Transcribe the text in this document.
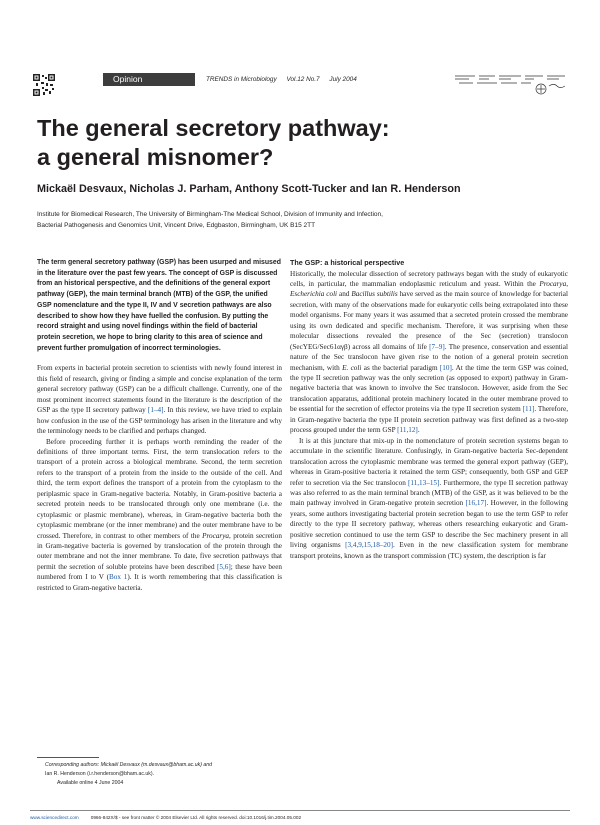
Opinion	TRENDS in Microbiology Vol.12 No.7 July 2004
The general secretory pathway:
a general misnomer?
Mickaël Desvaux, Nicholas J. Parham, Anthony Scott-Tucker and Ian R. Henderson
Institute for Biomedical Research, The University of Birmingham-The Medical School, Division of Immunity and Infection,
Bacterial Pathogenesis and Genomics Unit, Vincent Drive, Edgbaston, Birmingham, UK B15 2TT

The term general secretory pathway (GSP) has been usurped and misused in the literature over the past few years. The concept of GSP is discussed from an historical perspective, and the definitions of the general export pathway (GEP), the main terminal branch (MTB) of the GSP, the unified GSP nomenclature and the type II, IV and V secretion pathways are also described to show how they have fuelled the confusion. By putting the record straight and using novel findings within the field of bacterial protein secretion, we hope to bring clarity to this area of science and prevent further promulgation of incorrect terminologies.

From experts in bacterial protein secretion to scientists with newly found interest in this field of research, giving or finding a simple and concise explanation of the term general secretory pathway (GSP) can be a difficult challenge. Currently, one of the most prominent incorrect statements found in the literature is the description of the GSP as the type II secretory pathway [1–4]. In this review, we have tried to explain how confusion in the use of the GSP terminology has arisen in the literature and why the terminology needs to be clarified and perhaps changed.

Before proceeding further it is perhaps worth reminding the reader of the definitions of three important terms. First, the term translocation refers to the transport of a protein across a biological membrane. Second, the term secretion refers to the transport of a protein from the inside to the outside of the cell. And third, the term export defines the transport of a protein from the cytoplasm to the periplasmic space in Gram-negative bacteria. Notably, in Gram-positive bacteria a secreted protein needs to be translocated through only one membrane (i.e. the cytoplasmic or plasmic membrane), whereas, in Gram-negative bacteria both the cytoplasmic membrane (or the inner membrane) and the outer membrane have to be crossed. Therefore, in contrast to other members of the Procarya, protein secretion in Gram-negative bacteria is governed by translocation of the protein through the outer membrane and not the inner membrane. To date, five secretion pathways that permit the secretion of soluble proteins have been described [5,6]; these have been numbered from I to V (Box 1). It is worth remembering that this classification is restricted to Gram-negative bacteria.

The GSP: a historical perspective

Historically, the molecular dissection of secretory pathways began with the study of eukaryotic cells, in particular, the mammalian endoplasmic reticulum and yeast. Within the Procarya, Escherichia coli and Bacillus subtilis have served as the main source of knowledge for bacterial secretion, with many of the observations made for eukaryotic cells being extrapolated into these model organisms. For many years it was assumed that a secreted protein crossed the membrane using its own dedicated and specific mechanism. Therefore, it was surprising when these molecular dissections revealed the presence of the Sec (secretion) translocon (SecYEG/Sec61αγβ) across all domains of life [7–9]. The presence, conservation and essential nature of the Sec translocon have given rise to the notion of a general protein secretion mechanism, with E. coli as the bacterial paradigm [10]. At the time the term GSP was coined, the type II secretion pathway was the only secretion (as opposed to export) pathway in Gram-negative bacteria that was known to involve the Sec translocon. However, aside from the Sec translocation apparatus, additional protein machinery located in the outer membrane proved to be essential for the secretion of effector proteins via the type II secretion system [11]. Therefore, in Gram-negative bacteria the type II protein secretion pathway was first defined as a two-step process grouped under the term GSP [11,12].

It is at this juncture that mix-up in the nomenclature of protein secretion systems began to accumulate in the scientific literature. Confusingly, in Gram-negative bacteria Sec-dependent translocation across the cytoplasmic membrane was termed the general export pathway (GEP), whereas in Gram-positive bacteria it retained the term GSP; consequently, both GSP and GEP refer to secretion via the Sec translocon [11,13–15]. Furthermore, the type II secretion pathway was also referred to as the main terminal branch (MTB) of the GSP, as it was believed to be the main pathway involved in Gram-negative protein secretion [16,17]. However, in the following years, some authors investigating bacterial protein secretion began to use the term GSP to refer directly to the type II secretory pathway, whereas others researching eukaryotic and Gram-positive secretion continued to use the term GSP to describe the Sec machinery present in all living organisms [3,4,9,15,18–20]. Even in the new classification system for membrane transport proteins, known as the transport commission (TC) system, the description is far

Corresponding authors: Mickaël Desvaux (m.desvaux@bham.ac.uk) and
Ian R. Henderson (i.r.henderson@bham.ac.uk).
Available online 4 June 2004
www.sciencedirect.com	0966-842X/$ - see front matter © 2004 Elsevier Ltd. All rights reserved. doi:10.1016/j.tim.2004.05.002
